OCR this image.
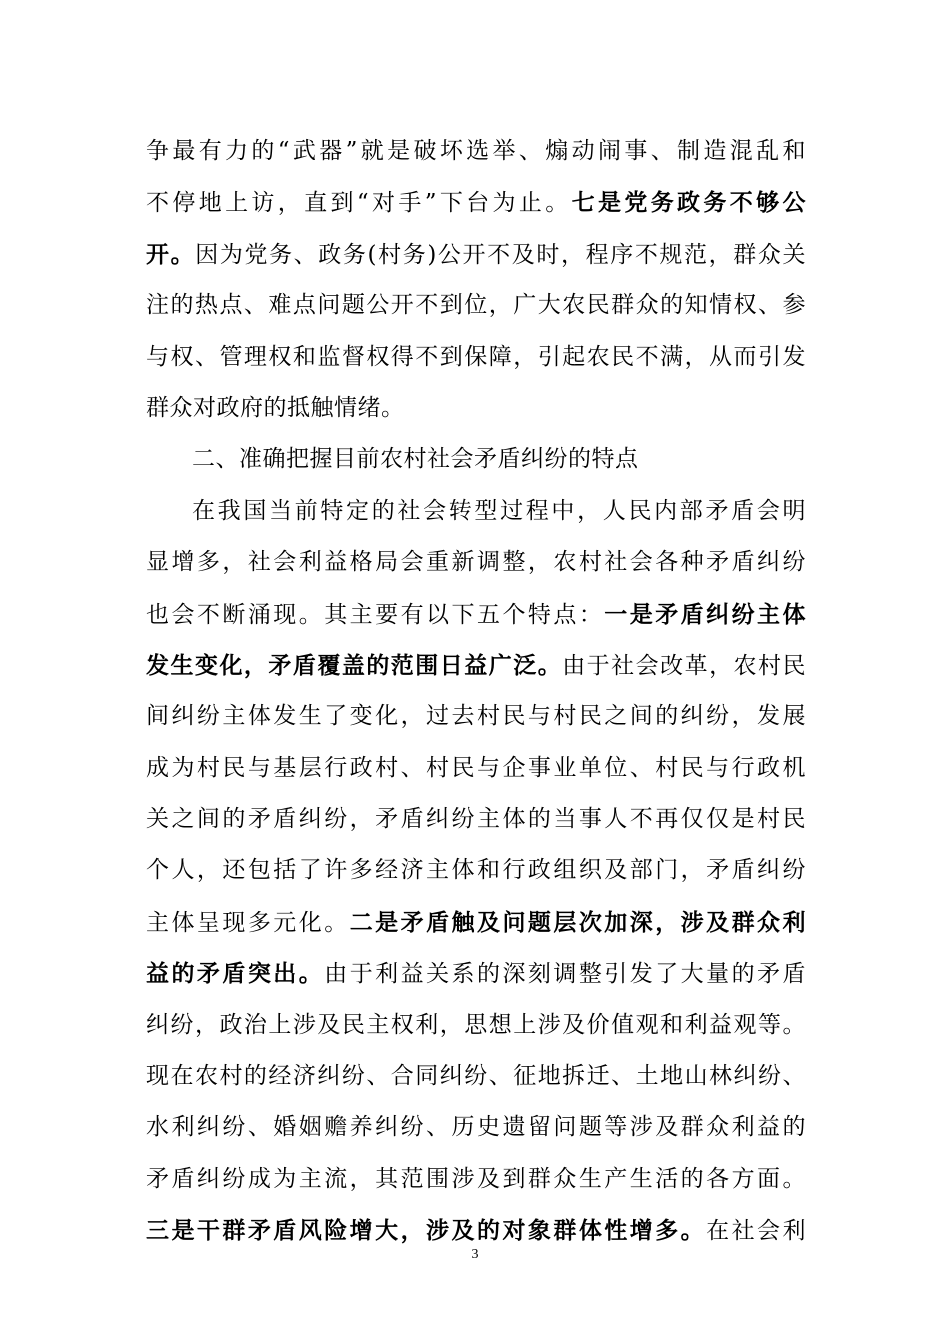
争最有力的“武器”就是破坏选举、煽动闹事、制造混乱和
不停地上访，直到“对手”下台为止。七是党务政务不够公
开。因为党务、政务(村务)公开不及时，程序不规范，群众关
注的热点、难点问题公开不到位，广大农民群众的知情权、参
与权、管理权和监督权得不到保障，引起农民不满，从而引发
群众对政府的抵触情绪。
二、准确把握目前农村社会矛盾纠纷的特点
在我国当前特定的社会转型过程中，人民内部矛盾会明
显增多，社会利益格局会重新调整，农村社会各种矛盾纠纷
也会不断涌现。其主要有以下五个特点：一是矛盾纠纷主体
发生变化，矛盾覆盖的范围日益广泛。由于社会改革，农村民
间纠纷主体发生了变化，过去村民与村民之间的纠纷，发展
成为村民与基层行政村、村民与企事业单位、村民与行政机
关之间的矛盾纠纷，矛盾纠纷主体的当事人不再仅仅是村民
个人，还包括了许多经济主体和行政组织及部门，矛盾纠纷
主体呈现多元化。二是矛盾触及问题层次加深，涉及群众利
益的矛盾突出。由于利益关系的深刻调整引发了大量的矛盾
纠纷，政治上涉及民主权利，思想上涉及价值观和利益观等。
现在农村的经济纠纷、合同纠纷、征地拆迁、土地山林纠纷、
水利纠纷、婚姻赡养纠纷、历史遗留问题等涉及群众利益的
矛盾纠纷成为主流，其范围涉及到群众生产生活的各方面。
三是干群矛盾风险增大，涉及的对象群体性增多。在社会利
3
